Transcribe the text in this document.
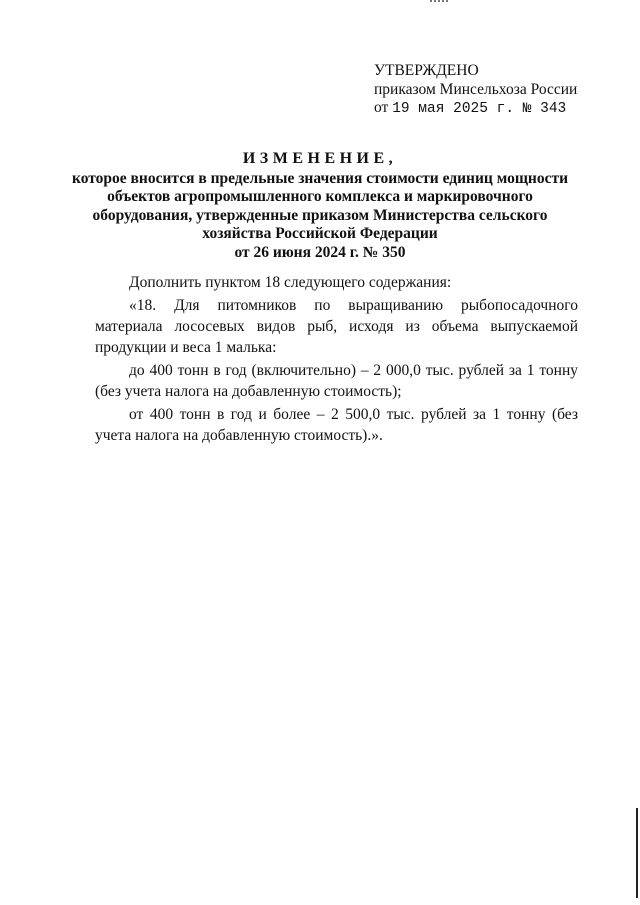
УТВЕРЖДЕНО
приказом Минсельхоза России
от 19 мая 2025 г. № 343
ИЗМЕНЕНИЕ,
которое вносится в предельные значения стоимости единиц мощности
объектов агропромышленного комплекса и маркировочного
оборудования, утвержденные приказом Министерства сельского
хозяйства Российской Федерации
от 26 июня 2024 г. № 350

Дополнить пунктом 18 следующего содержания:

«18. Для питомников по выращиванию рыбопосадочного материала лососевых видов рыб, исходя из объема выпускаемой продукции и веса 1 малька:

до 400 тонн в год (включительно) – 2 000,0 тыс. рублей за 1 тонну (без учета налога на добавленную стоимость);

от 400 тонн в год и более – 2 500,0 тыс. рублей за 1 тонну (без учета налога на добавленную стоимость).».
